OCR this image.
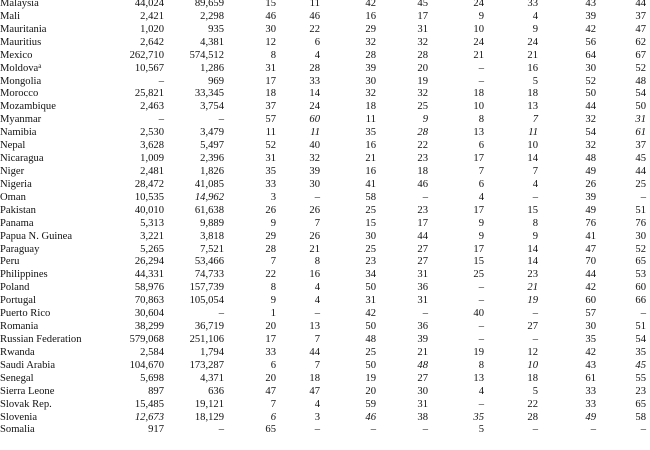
Malaysia	44,024	89,659	15	11	42	45	24	33	43	44
Mali	2,421	2,298	46	46	16	17	9	4	39	37
Mauritania	1,020	935	30	22	29	31	10	9	42	47
Mauritius	2,642	4,381	12	6	32	32	24	24	56	62
Mexico	262,710	574,512	8	4	28	28	21	21	64	67
Moldova$^a$	10,567	1,286	31	28	39	20	–	16	30	52
Mongolia	–	969	17	33	30	19	–	5	52	48
Morocco	25,821	33,345	18	14	32	32	18	18	50	54
Mozambique	2,463	3,754	37	24	18	25	10	13	44	50
Myanmar	–	–	57	60	11	9	8	7	32	31
Namibia	2,530	3,479	11	11	35	28	13	11	54	61
Nepal	3,628	5,497	52	40	16	22	6	10	32	37
Nicaragua	1,009	2,396	31	32	21	23	17	14	48	45
Niger	2,481	1,826	35	39	16	18	7	7	49	44
Nigeria	28,472	41,085	33	30	41	46	6	4	26	25
Oman	10,535	14,962	3	–	58	–	4	–	39	–
Pakistan	40,010	61,638	26	26	25	23	17	15	49	51
Panama	5,313	9,889	9	7	15	17	9	8	76	76
Papua N. Guinea	3,221	3,818	29	26	30	44	9	9	41	30
Paraguay	5,265	7,521	28	21	25	27	17	14	47	52
Peru	26,294	53,466	7	8	23	27	15	14	70	65
Philippines	44,331	74,733	22	16	34	31	25	23	44	53
Poland	58,976	157,739	8	4	50	36	–	21	42	60
Portugal	70,863	105,054	9	4	31	31	–	19	60	66
Puerto Rico	30,604	–	1	–	42	–	40	–	57	–
Romania	38,299	36,719	20	13	50	36	–	27	30	51
Russian Federation	579,068	251,106	17	7	48	39	–	–	35	54
Rwanda	2,584	1,794	33	44	25	21	19	12	42	35
Saudi Arabia	104,670	173,287	6	7	50	48	8	10	43	45
Senegal	5,698	4,371	20	18	19	27	13	18	61	55
Sierra Leone	897	636	47	47	20	30	4	5	33	23
Slovak Rep.	15,485	19,121	7	4	59	31	–	22	33	65
Slovenia	12,673	18,129	6	3	46	38	35	28	49	58
Somalia	917	–	65	–	–	–	5	–	–	–
